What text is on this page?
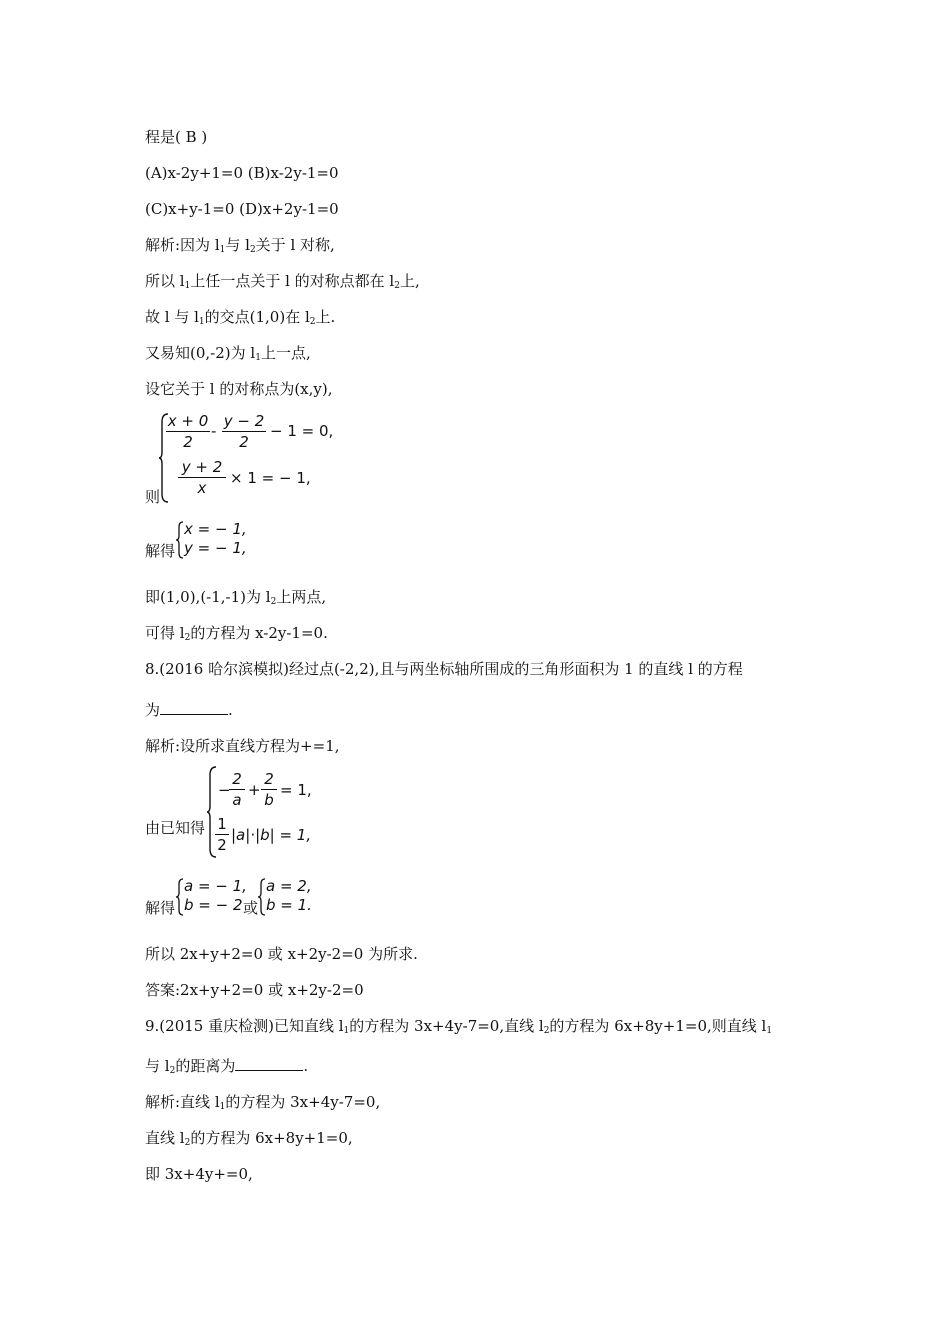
程是( B )
(A)x-2y+1=0 (B)x-2y-1=0
(C)x+y-1=0 (D)x+2y-1=0
解析:因为 $l_1$与 $l_2$关于 l 对称,
所以 $l_1$上任一点关于 l 的对称点都在 $l_2$上,
故 l 与 $l_1$的交点(1,0)在 $l_2$上.
又易知(0,-2)为 $l_1$上一点,
设它关于 l 的对称点为(x,y),
则
x + 0
2
-
y − 2
2
− 1 = 0,
y + 2
x
× 1 = − 1,
解得
x = − 1,
y = − 1,
即(1,0),(-1,-1)为 $l_2$上两点,
可得 $l_2$的方程为 x-2y-1=0.
8.(2016 哈尔滨模拟)经过点(-2,2),且与两坐标轴所围成的三角形面积为 1 的直线 l 的方程
为	.
解析:设所求直线方程为+=1,
由已知得
−
2
a
+
2
b
= 1,
1
2
|a|·|b| = 1,
解得
a = − 1,
b = − 2 或
a = 2,
b = 1.
所以 2x+y+2=0 或 x+2y-2=0 为所求.
答案:2x+y+2=0 或 x+2y-2=0
9.(2015 重庆检测)已知直线 $l_1$的方程为 3x+4y-7=0,直线 $l_2$的方程为 6x+8y+1=0,则直线 $l_1$
与 $l_2$的距离为	.
解析:直线 $l_1$的方程为 3x+4y-7=0,
直线 $l_2$的方程为 6x+8y+1=0,
即 3x+4y+=0,
